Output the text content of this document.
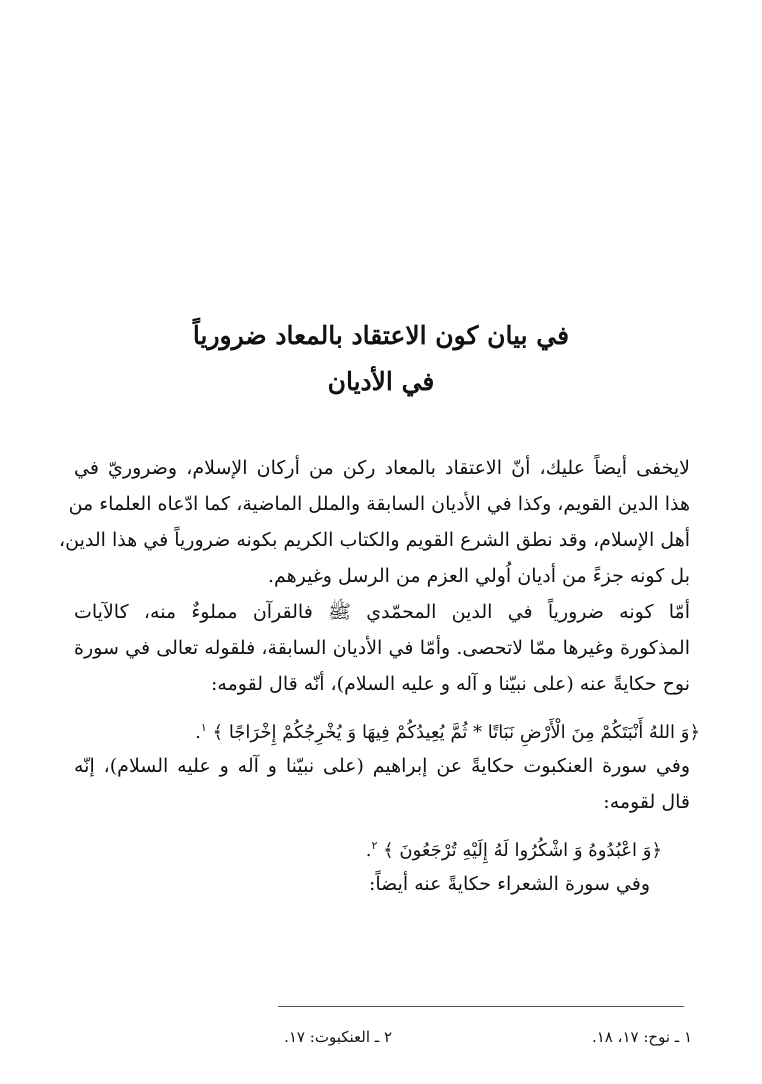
في بيان كون الاعتقاد بالمعاد ضرورياً
في الأديان
لايخفى أيضاً عليك، أنّ الاعتقاد بالمعاد ركن من أركان الإسلام، وضروريّ في
هذا الدين القويم، وكذا في الأديان السابقة والملل الماضية، كما ادّعاه العلماء من
أهل الإسلام، وقد نطق الشرع القويم والكتاب الكريم بكونه ضرورياً في هذا الدين،
بل كونه جزءً من أديان اُولي العزم من الرسل وغيرهم.
أمّا كونه ضرورياً في الدين المحمّدي ﷺ فالقرآن مملوءٌ منه، كالآيات
المذكورة وغيرها ممّا لاتحصى. وأمّا في الأديان السابقة، فلقوله تعالى في سورة
نوح حكايةً عنه (على نبيّنا و آله و عليه السلام)، أنّه قال لقومه:
﴿وَ اللهُ أَنْبَتَكُمْ مِنَ الْأَرْضِ نَبَاتًا * ثُمَّ يُعِيدُكُمْ فِيهَا وَ يُخْرِجُكُمْ إِخْرَاجًا ﴾ $^١$.
وفي سورة العنكبوت حكايةً عن إبراهيم (على نبيّنا و آله و عليه السلام)، إنّه
قال لقومه:
﴿وَ اعْبُدُوهُ وَ اشْكُرُوا لَهُ إِلَيْهِ تُرْجَعُونَ ﴾ $^٢$.
وفي سورة الشعراء حكايةً عنه أيضاً:
١ ـ نوح: ١٧، ١٨.
٢ ـ العنكبوت: ١٧.
